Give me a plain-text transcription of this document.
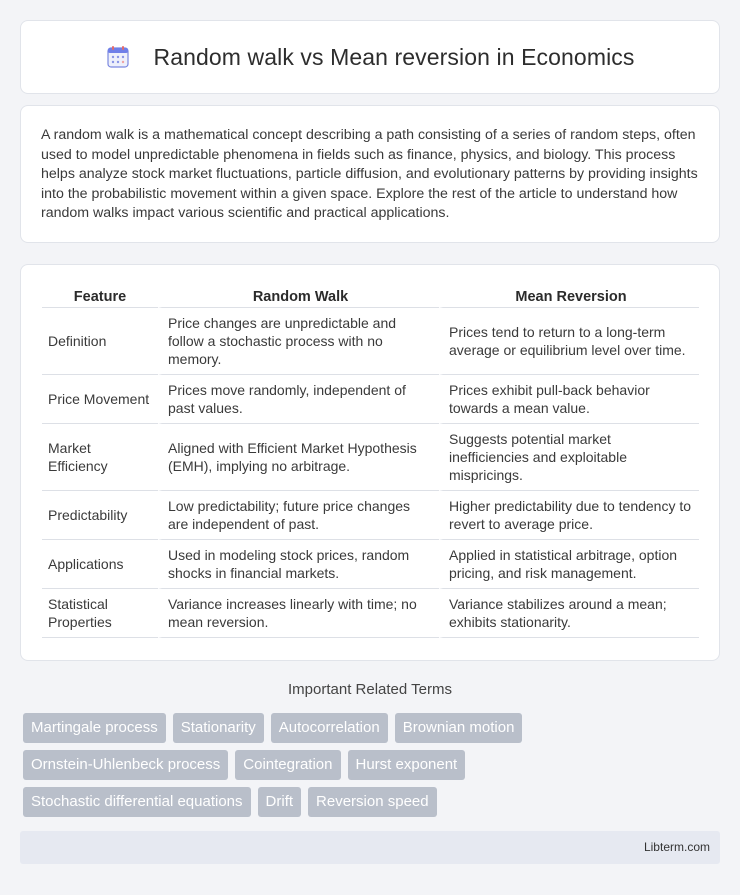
Random walk vs Mean reversion in Economics

A random walk is a mathematical concept describing a path consisting of a series of random steps, often used to model unpredictable phenomena in fields such as finance, physics, and biology. This process helps analyze stock market fluctuations, particle diffusion, and evolutionary patterns by providing insights into the probabilistic movement within a given space. Explore the rest of the article to understand how random walks impact various scientific and practical applications.

Feature	Random Walk	Mean Reversion
Definition	Price changes are unpredictable and follow a stochastic process with no memory.	Prices tend to return to a long-term average or equilibrium level over time.
Price Movement	Prices move randomly, independent of past values.	Prices exhibit pull-back behavior towards a mean value.
Market Efficiency	Aligned with Efficient Market Hypothesis (EMH), implying no arbitrage.	Suggests potential market inefficiencies and exploitable mispricings.
Predictability	Low predictability; future price changes are independent of past.	Higher predictability due to tendency to revert to average price.
Applications	Used in modeling stock prices, random shocks in financial markets.	Applied in statistical arbitrage, option pricing, and risk management.
Statistical Properties	Variance increases linearly with time; no mean reversion.	Variance stabilizes around a mean; exhibits stationarity.
Important Related Terms
Martingale process	Stationarity	Autocorrelation	Brownian motion
Ornstein-Uhlenbeck process	Cointegration	Hurst exponent
Stochastic differential equations	Drift	Reversion speed
Libterm.com
